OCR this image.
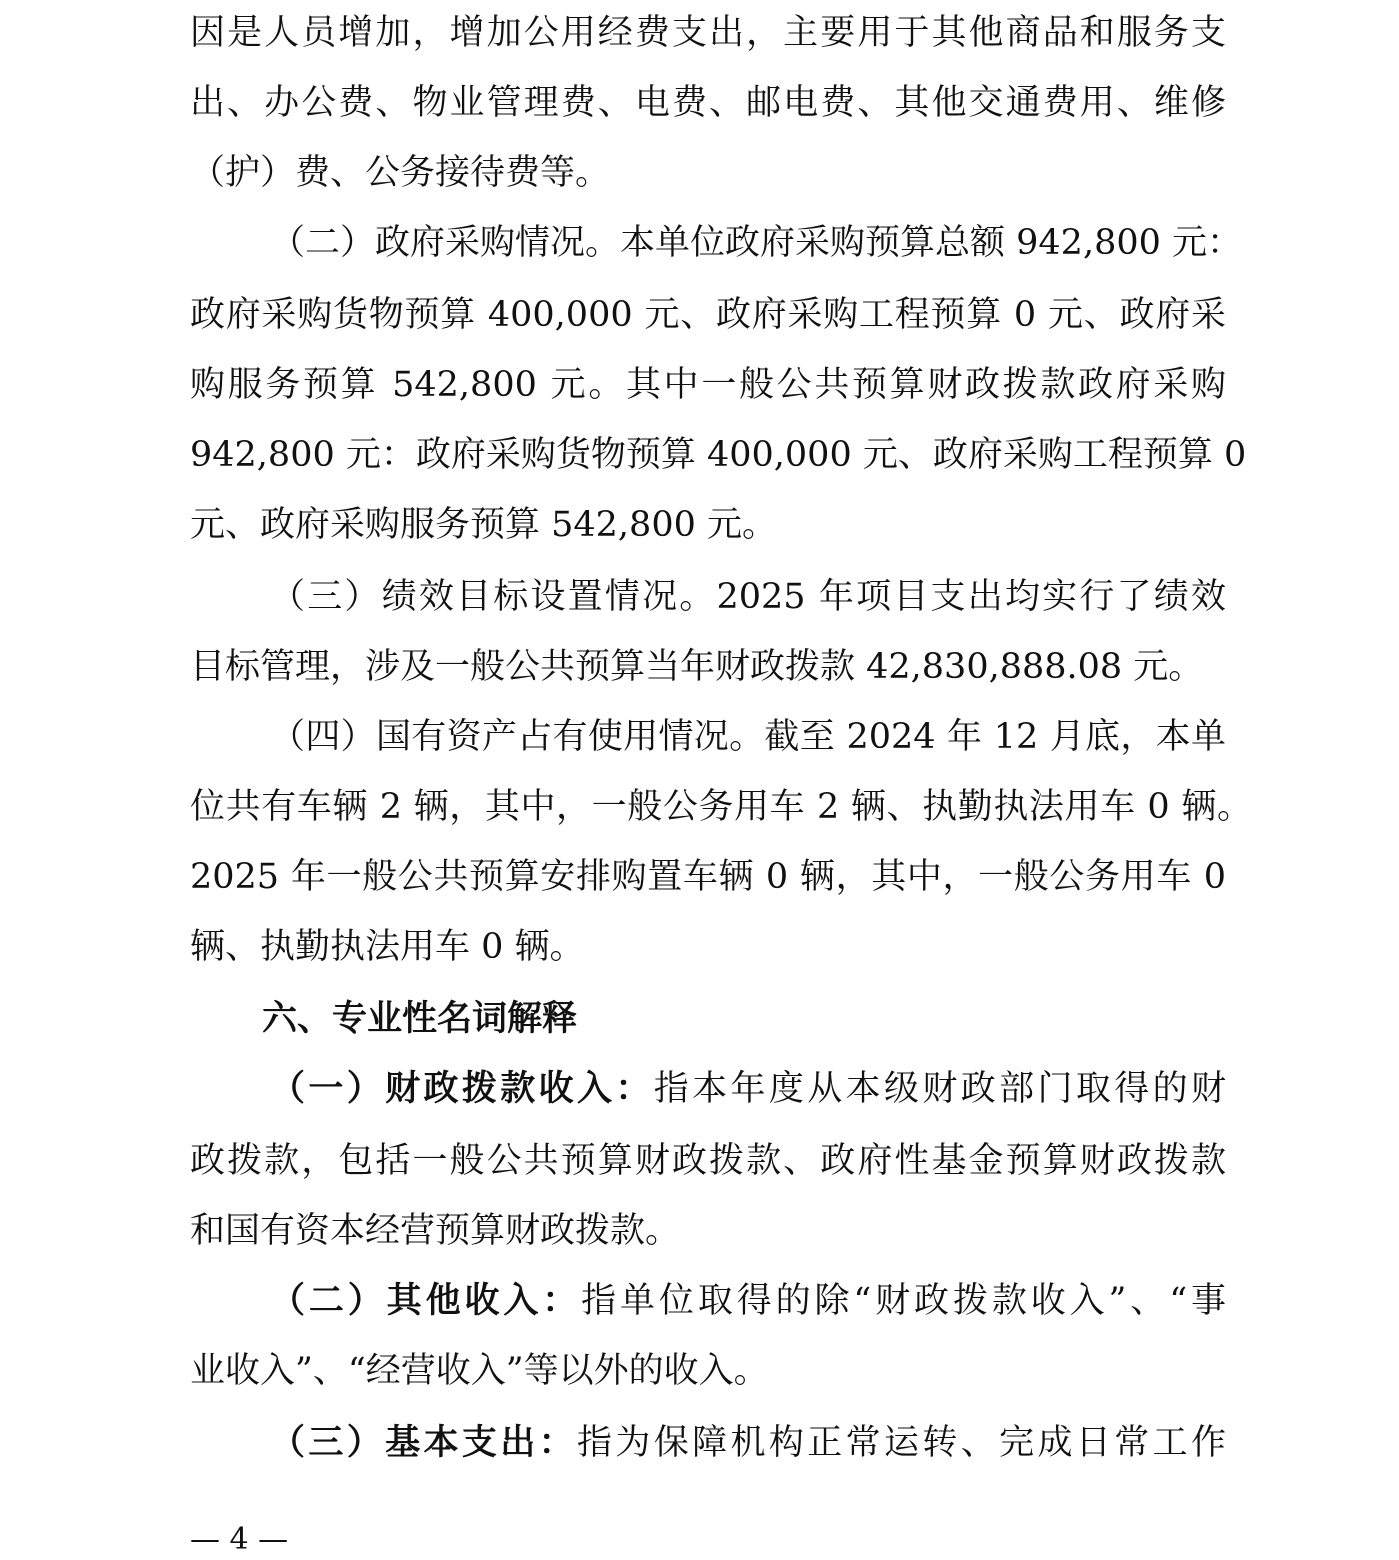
因是人员增加，增加公用经费支出，主要用于其他商品和服务支
出、办公费、物业管理费、电费、邮电费、其他交通费用、维修
（护）费、公务接待费等。
（二）政府采购情况。本单位政府采购预算总额 942,800 元：
政府采购货物预算 400,000 元、政府采购工程预算 0 元、政府采
购服务预算 542,800 元。其中一般公共预算财政拨款政府采购
942,800 元：政府采购货物预算 400,000 元、政府采购工程预算 0
元、政府采购服务预算 542,800 元。
（三）绩效目标设置情况。2025 年项目支出均实行了绩效
目标管理，涉及一般公共预算当年财政拨款 42,830,888.08 元。
（四）国有资产占有使用情况。截至 2024 年 12 月底，本单
位共有车辆 2 辆，其中，一般公务用车 2 辆、执勤执法用车 0 辆。
2025 年一般公共预算安排购置车辆 0 辆，其中，一般公务用车 0
辆、执勤执法用车 0 辆。
六、专业性名词解释
（一）财政拨款收入：指本年度从本级财政部门取得的财
政拨款，包括一般公共预算财政拨款、政府性基金预算财政拨款
和国有资本经营预算财政拨款。
（二）其他收入：指单位取得的除“财政拨款收入”、“事
业收入”、“经营收入”等以外的收入。
（三）基本支出：指为保障机构正常运转、完成日常工作
— 4 —
